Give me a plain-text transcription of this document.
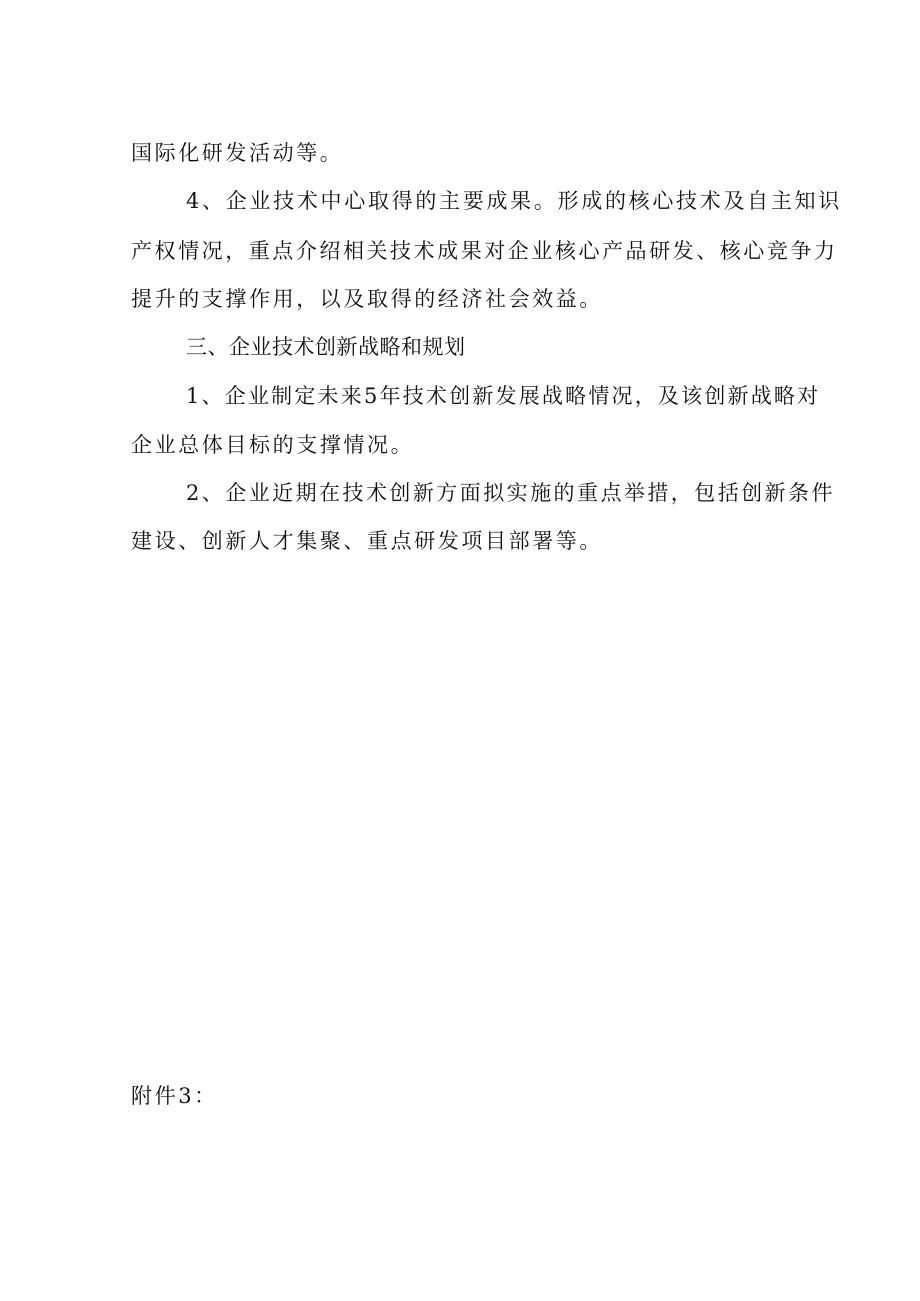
国际化研发活动等。
4、企业技术中心取得的主要成果。形成的核心技术及自主知识
产权情况，重点介绍相关技术成果对企业核心产品研发、核心竞争力
提升的支撑作用，以及取得的经济社会效益。
三、企业技术创新战略和规划
1、企业制定未来5年技术创新发展战略情况，及该创新战略对
企业总体目标的支撑情况。
2、企业近期在技术创新方面拟实施的重点举措，包括创新条件
建设、创新人才集聚、重点研发项目部署等。
附件3：
